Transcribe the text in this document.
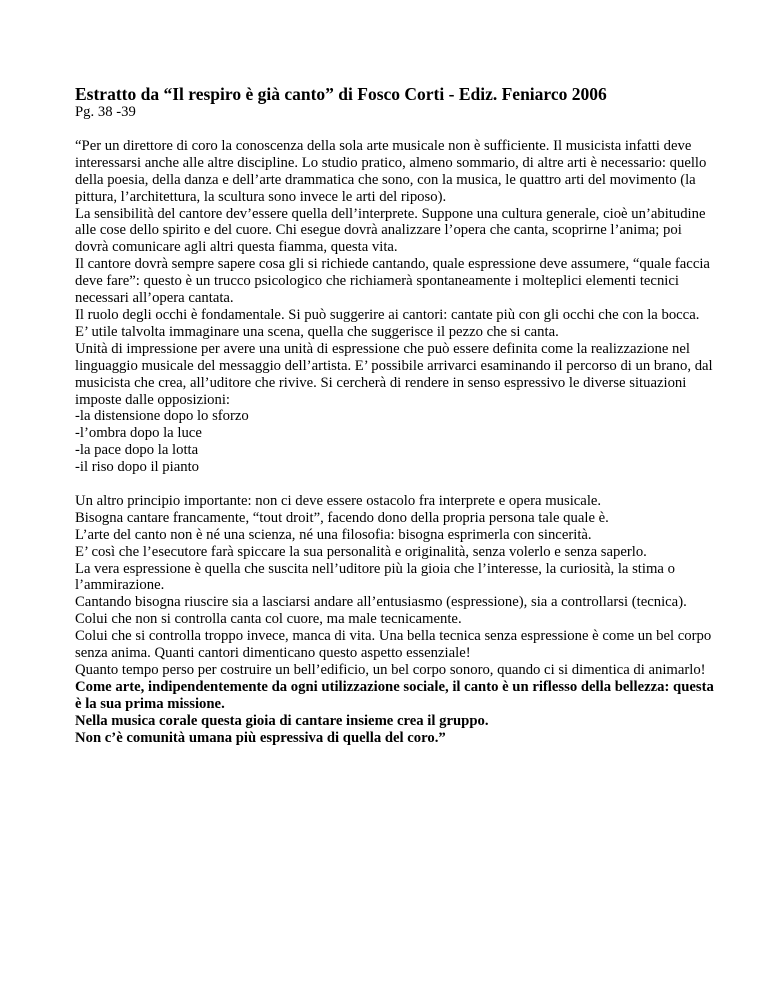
Estratto da “Il respiro è già canto” di Fosco Corti - Ediz. Feniarco 2006

Pg. 38 -39

“Per un direttore di coro la conoscenza della sola arte musicale non è sufficiente. Il musicista infatti deve interessarsi anche alle altre discipline. Lo studio pratico, almeno sommario, di altre arti è necessario: quello della poesia, della danza e dell’arte drammatica che sono, con la musica, le quattro arti del movimento (la pittura, l’architettura, la scultura sono invece le arti del riposo).

La sensibilità del cantore dev’essere quella dell’interprete. Suppone una cultura generale, cioè un’abitudine alle cose dello spirito e del cuore. Chi esegue dovrà analizzare l’opera che canta, scoprirne l’anima; poi dovrà comunicare agli altri questa fiamma, questa vita.

Il cantore dovrà sempre sapere cosa gli si richiede cantando, quale espressione deve assumere, “quale faccia deve fare”: questo è un trucco psicologico che richiamerà spontaneamente i molteplici elementi tecnici necessari all’opera cantata.

Il ruolo degli occhi è fondamentale. Si può suggerire ai cantori: cantate più con gli occhi che con la bocca. E’ utile talvolta immaginare una scena, quella che suggerisce il pezzo che si canta.

Unità di impressione per avere una unità di espressione che può essere definita come la realizzazione nel linguaggio musicale del messaggio dell’artista. E’ possibile arrivarci esaminando il percorso di un brano, dal musicista che crea, all’uditore che rivive. Si cercherà di rendere in senso espressivo le diverse situazioni imposte dalle opposizioni:

-la distensione dopo lo sforzo

-l’ombra dopo la luce

-la pace dopo la lotta

-il riso dopo il pianto

Un altro principio importante: non ci deve essere ostacolo fra interprete e opera musicale.

Bisogna cantare francamente, “tout droit”, facendo dono della propria persona tale quale è.

L’arte del canto non è né una scienza, né una filosofia: bisogna esprimerla con sincerità.

E’ così che l’esecutore farà spiccare la sua personalità e originalità, senza volerlo e senza saperlo.

La vera espressione è quella che suscita nell’uditore più la gioia che l’interesse, la curiosità, la stima o l’ammirazione.

Cantando bisogna riuscire sia a lasciarsi andare all’entusiasmo (espressione), sia a controllarsi (tecnica).

Colui che non si controlla canta col cuore, ma male tecnicamente.

Colui che si controlla troppo invece, manca di vita. Una bella tecnica senza espressione è come un bel corpo senza anima. Quanti cantori dimenticano questo aspetto essenziale!

Quanto tempo perso per costruire un bell’edificio, un bel corpo sonoro, quando ci si dimentica di animarlo!

Come arte, indipendentemente da ogni utilizzazione sociale, il canto è un riflesso della bellezza: questa è la sua prima missione.

Nella musica corale questa gioia di cantare insieme crea il gruppo.

Non c’è comunità umana più espressiva di quella del coro.”
